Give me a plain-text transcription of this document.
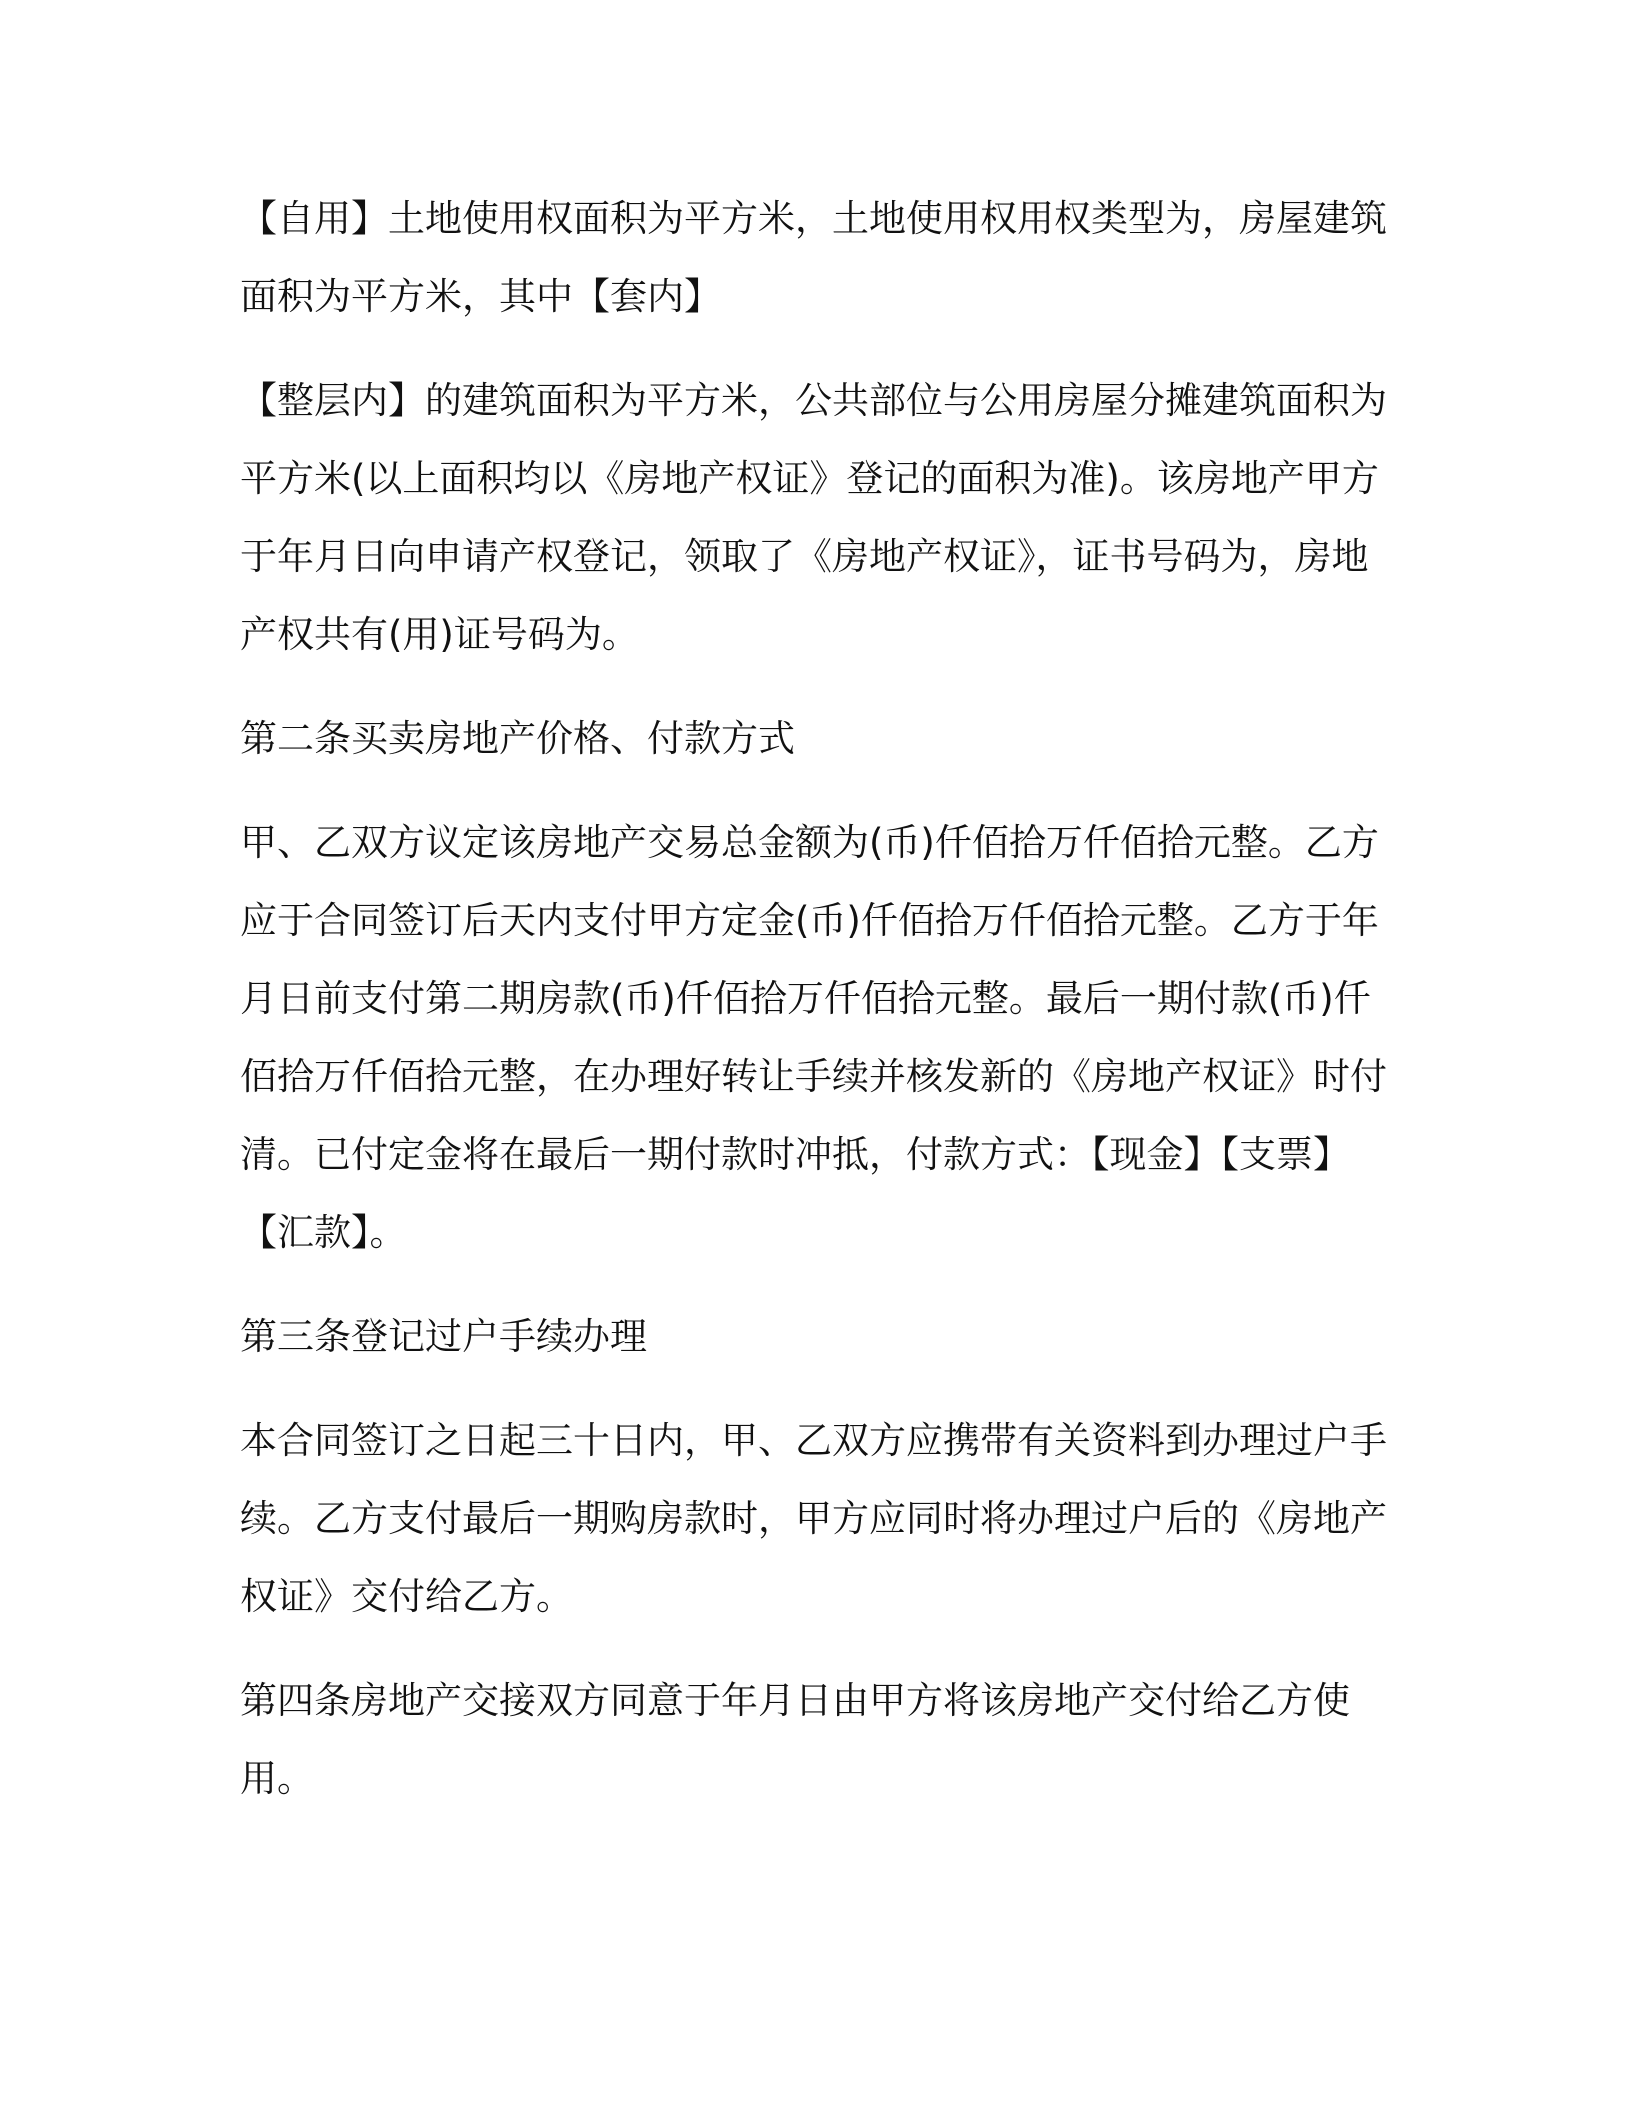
【自用】土地使用权面积为平方米，土地使用权用权类型为，房屋建筑面积为平方米，其中【套内】

【整层内】的建筑面积为平方米，公共部位与公用房屋分摊建筑面积为平方米(以上面积均以《房地产权证》登记的面积为准)。该房地产甲方于年月日向申请产权登记，领取了《房地产权证》，证书号码为，房地产权共有(用)证号码为。

第二条买卖房地产价格、付款方式

甲、乙双方议定该房地产交易总金额为(币)仟佰拾万仟佰拾元整。乙方应于合同签订后天内支付甲方定金(币)仟佰拾万仟佰拾元整。乙方于年月日前支付第二期房款(币)仟佰拾万仟佰拾元整。最后一期付款(币)仟佰拾万仟佰拾元整，在办理好转让手续并核发新的《房地产权证》时付清。已付定金将在最后一期付款时冲抵，付款方式：【现金】【支票】【汇款】。

第三条登记过户手续办理

本合同签订之日起三十日内，甲、乙双方应携带有关资料到办理过户手续。乙方支付最后一期购房款时，甲方应同时将办理过户后的《房地产权证》交付给乙方。

第四条房地产交接双方同意于年月日由甲方将该房地产交付给乙方使用。
